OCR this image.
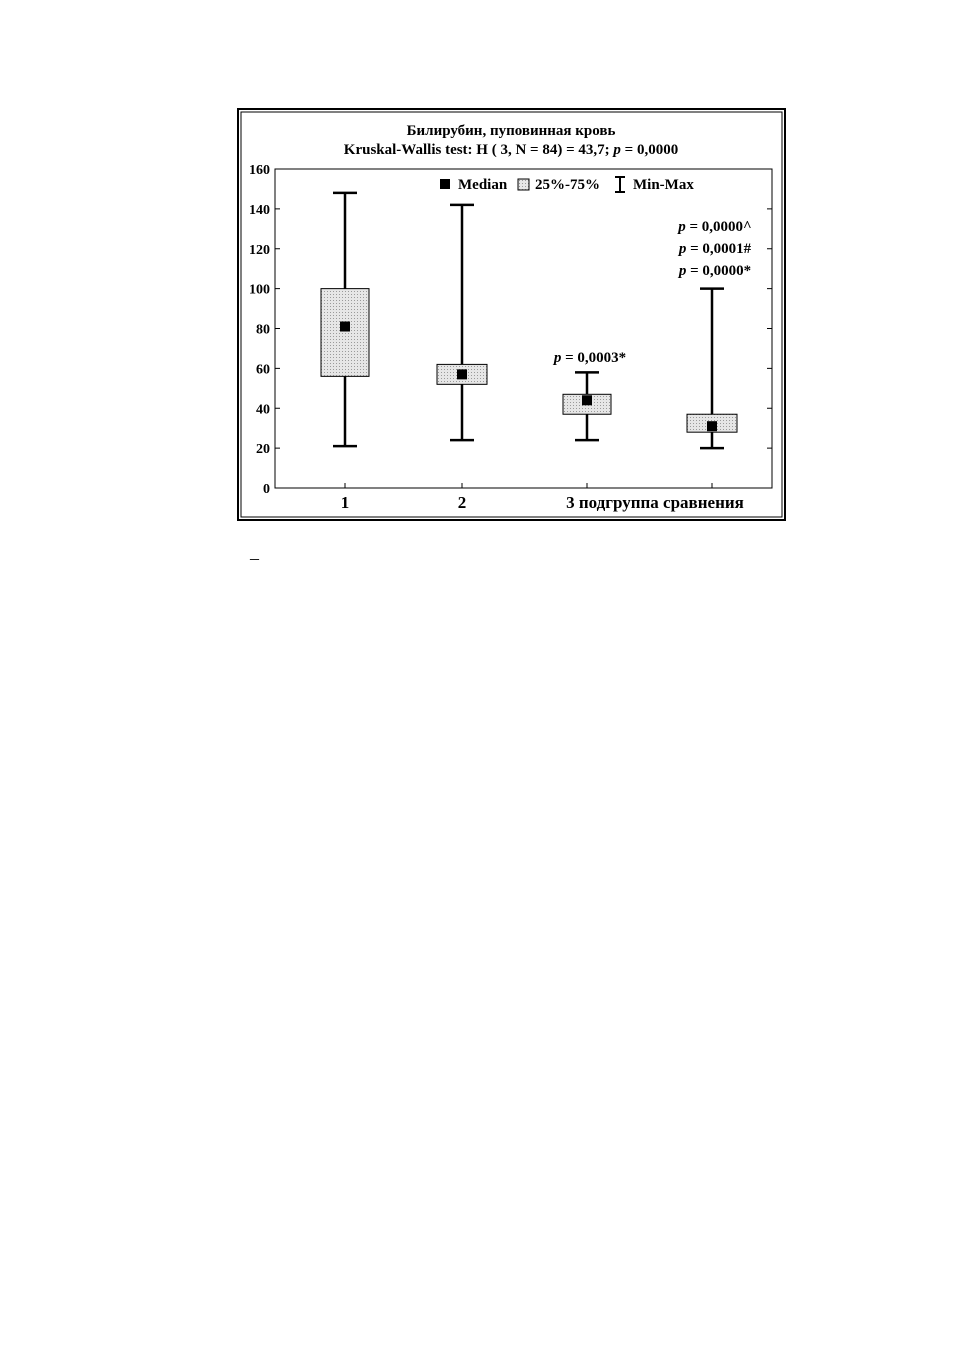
Билирубин, пуповинная кровь
Kruskal-Wallis test: H ( 3, N = 84) = 43,7; p = 0,0000
0
20
40
60
80
100
120
140
160
1	2	3 подгруппа сравнения
Median 25%-75% Min-Max
p = 0,0003*
p = 0,0000^
p = 0,0001#
p = 0,0000*
–
